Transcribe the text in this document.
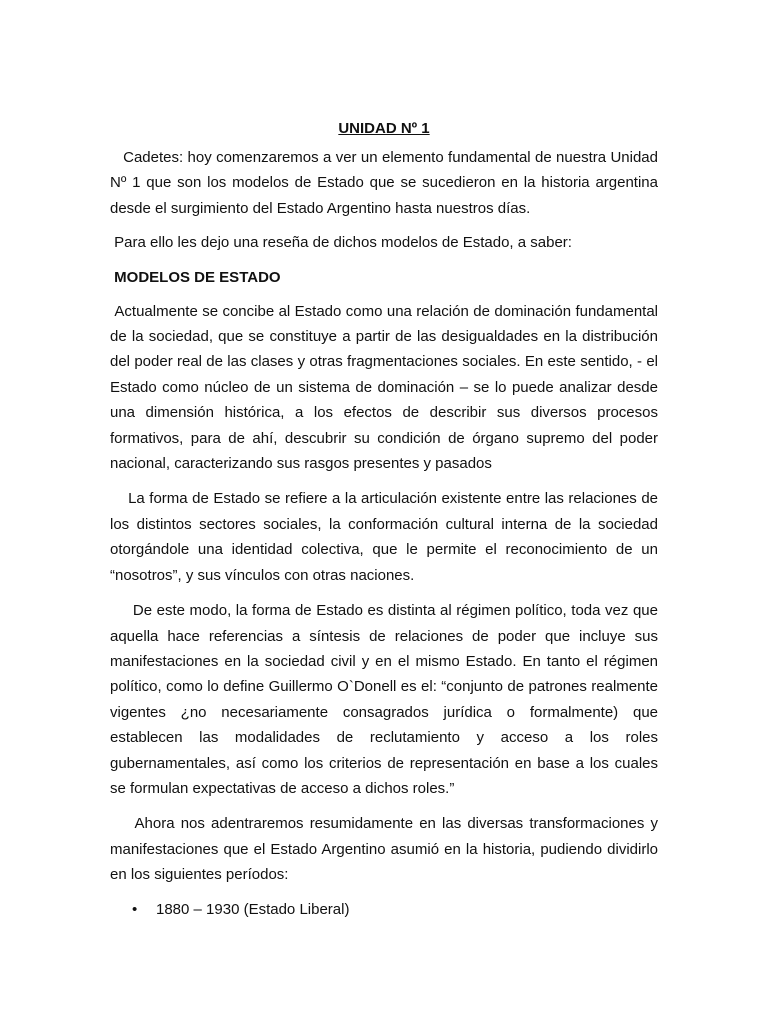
UNIDAD Nº 1

Cadetes: hoy comenzaremos a ver un elemento fundamental de nuestra Unidad Nº 1 que son los modelos de Estado que se sucedieron en la historia argentina desde el surgimiento del Estado Argentino hasta nuestros días.

Para ello les dejo una reseña de dichos modelos de Estado, a saber:

MODELOS DE ESTADO

Actualmente se concibe al Estado como una relación de dominación fundamental de la sociedad, que se constituye a partir de las desigualdades en la distribución del poder real de las clases y otras fragmentaciones sociales. En este sentido, - el Estado como núcleo de un sistema de dominación – se lo puede analizar desde una dimensión histórica, a los efectos de describir sus diversos procesos formativos, para de ahí, descubrir su condición de órgano supremo del poder nacional, caracterizando sus rasgos presentes y pasados

La forma de Estado se refiere a la articulación existente entre las relaciones de los distintos sectores sociales, la conformación cultural interna de la sociedad otorgándole una identidad colectiva, que le permite el reconocimiento de un “nosotros”, y sus vínculos con otras naciones.

De este modo, la forma de Estado es distinta al régimen político, toda vez que aquella hace referencias a síntesis de relaciones de poder que incluye sus manifestaciones en la sociedad civil y en el mismo Estado. En tanto el régimen político, como lo define Guillermo O`Donell es el: “conjunto de patrones realmente vigentes ¿no necesariamente consagrados jurídica o formalmente) que establecen las modalidades de reclutamiento y acceso a los roles gubernamentales, así como los criterios de representación en base a los cuales se formulan expectativas de acceso a dichos roles.”

Ahora nos adentraremos resumidamente en las diversas transformaciones y manifestaciones que el Estado Argentino asumió en la historia, pudiendo dividirlo en los siguientes períodos:

• 1880 – 1930 (Estado Liberal)
